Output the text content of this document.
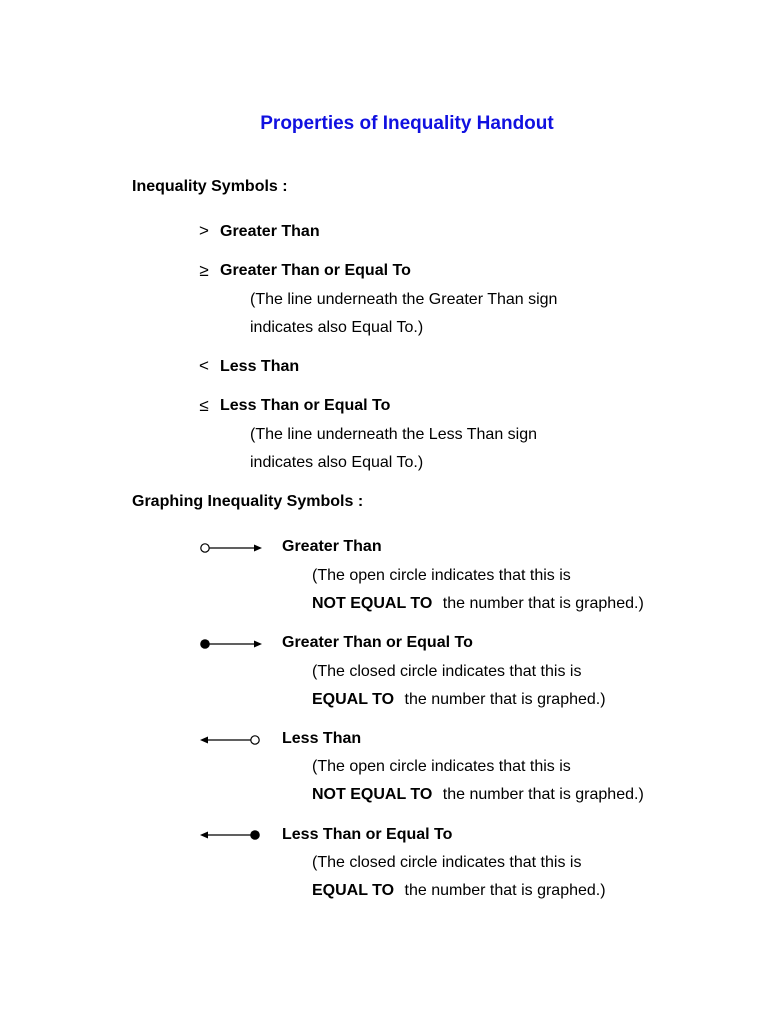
Properties of Inequality Handout
Inequality Symbols :
> Greater Than
≥ Greater Than or Equal To
(The line underneath the Greater Than sign
indicates also Equal To.)
< Less Than
≤ Less Than or Equal To
(The line underneath the Less Than sign
indicates also Equal To.)
Graphing Inequality Symbols :
Greater Than
(The open circle indicates that this is
NOT EQUAL TO the number that is graphed.)
Greater Than or Equal To
(The closed circle indicates that this is
EQUAL TO the number that is graphed.)
Less Than
(The open circle indicates that this is
NOT EQUAL TO the number that is graphed.)
Less Than or Equal To
(The closed circle indicates that this is
EQUAL TO the number that is graphed.)
